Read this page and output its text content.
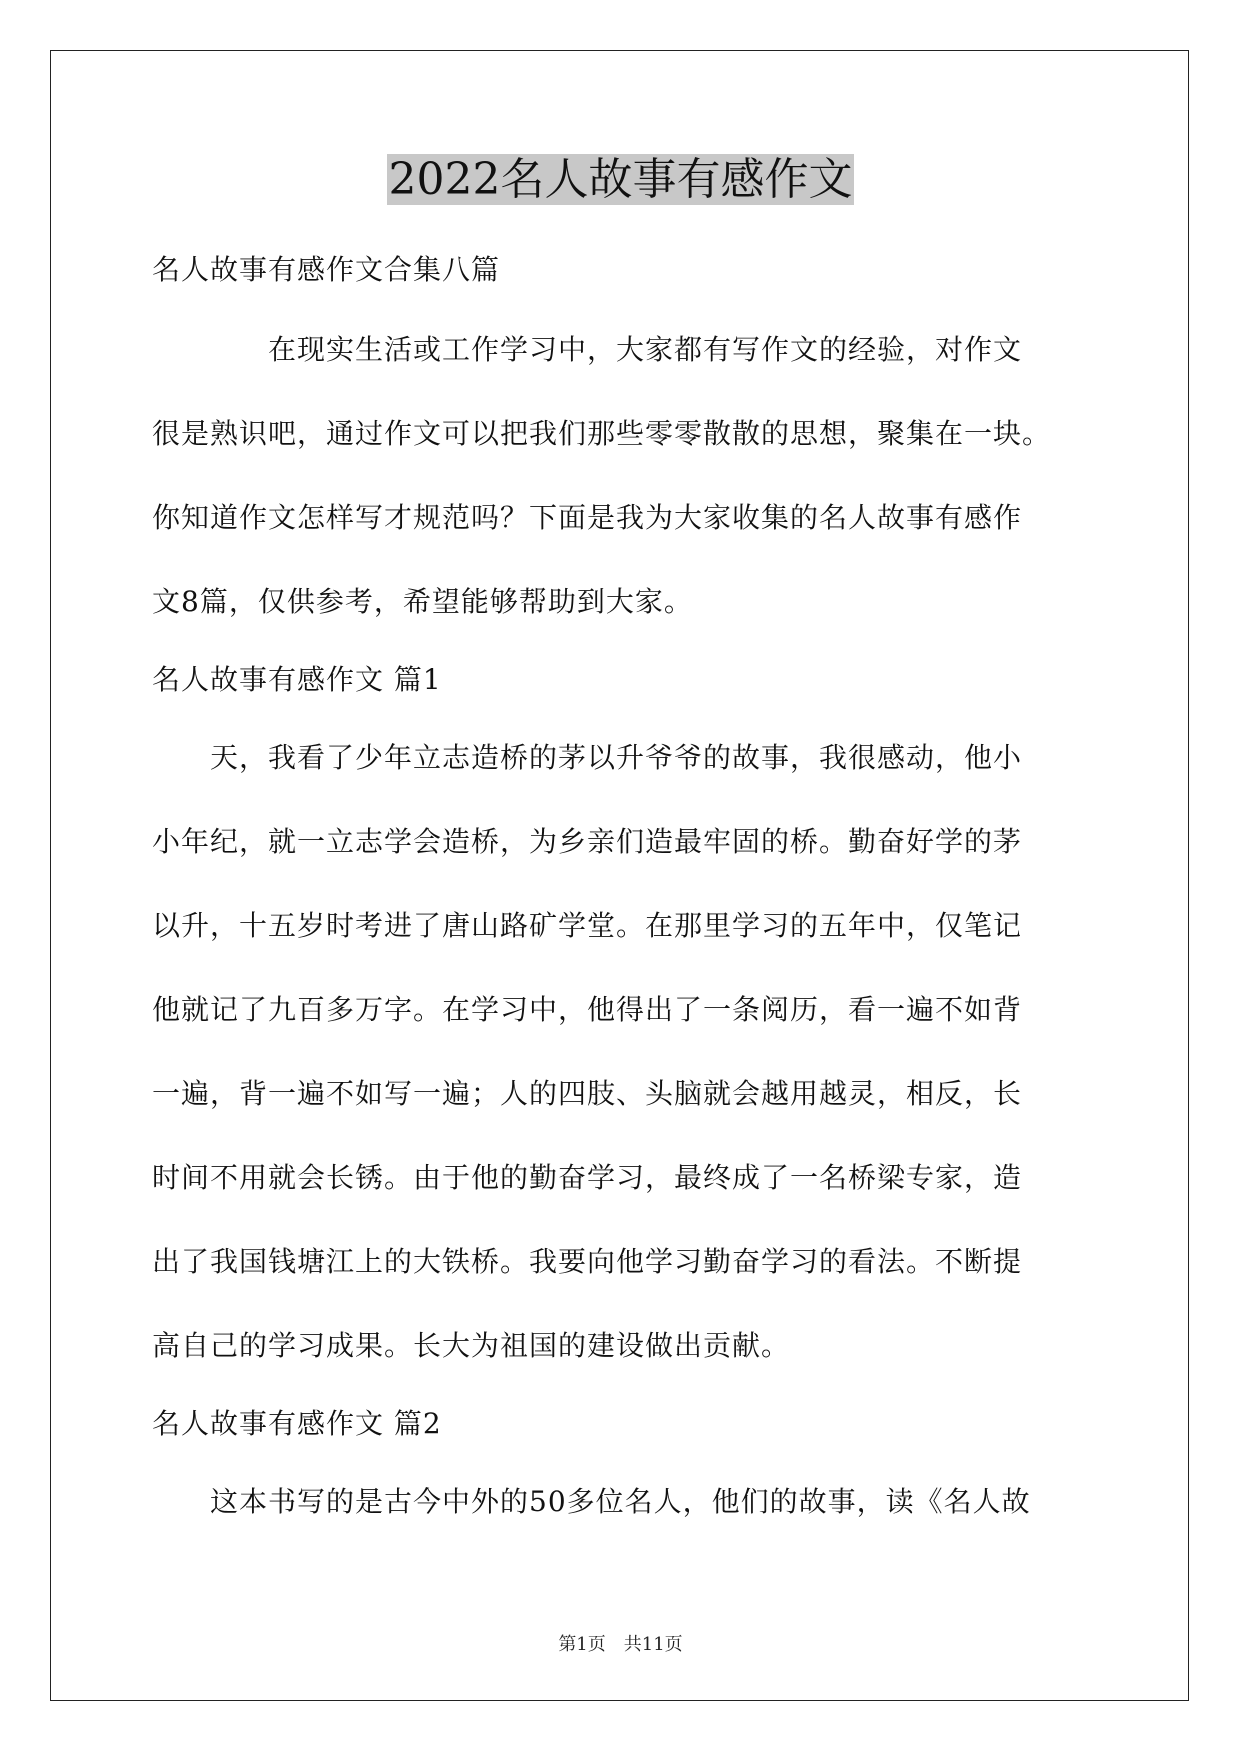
2022名人故事有感作文

名人故事有感作文合集八篇

　　　　在现实生活或工作学习中，大家都有写作文的经验，对作文

很是熟识吧，通过作文可以把我们那些零零散散的思想，聚集在一块。

你知道作文怎样写才规范吗？下面是我为大家收集的名人故事有感作

文8篇，仅供参考，希望能够帮助到大家。

名人故事有感作文 篇1

　　天，我看了少年立志造桥的茅以升爷爷的故事，我很感动，他小

小年纪，就一立志学会造桥，为乡亲们造最牢固的桥。勤奋好学的茅

以升，十五岁时考进了唐山路矿学堂。在那里学习的五年中，仅笔记

他就记了九百多万字。在学习中，他得出了一条阅历，看一遍不如背

一遍，背一遍不如写一遍；人的四肢、头脑就会越用越灵，相反，长

时间不用就会长锈。由于他的勤奋学习，最终成了一名桥梁专家，造

出了我国钱塘江上的大铁桥。我要向他学习勤奋学习的看法。不断提

高自己的学习成果。长大为祖国的建设做出贡献。

名人故事有感作文 篇2

　　这本书写的是古今中外的50多位名人，他们的故事，读《名人故

第1页　共11页
